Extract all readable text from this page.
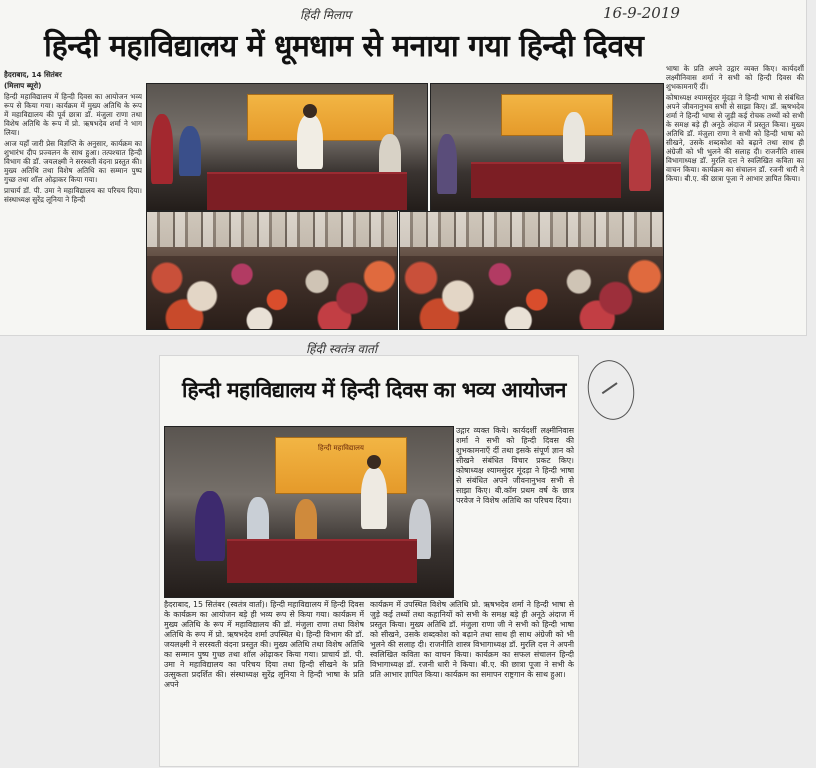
हिंदी मिलाप	16-9-2019
हिन्दी महाविद्यालय में धूमधाम से मनाया गया हिन्दी दिवस

हैदराबाद, 14 सितंबर

(मिलाप ब्यूरो)

हिन्दी महाविद्यालय में हिन्दी दिवस का आयोजन भव्य रूप से किया गया। कार्यक्रम में मुख्य अतिथि के रूप में महाविद्यालय की पूर्व छात्रा डॉ. मंजुला राणा तथा विशेष अतिथि के रूप में प्रो. ऋषभदेव शर्मा ने भाग लिया।

आज यहाँ जारी प्रेस विज्ञप्ति के अनुसार, कार्यक्रम का शुभारंभ दीप प्रज्वलन के साथ हुआ। तत्पश्चात हिन्दी विभाग की डॉ. जयलक्ष्मी ने सरस्वती वंदना प्रस्तुत की। मुख्य अतिथि तथा विशेष अतिथि का सम्मान पुष्प गुच्छ तथा शॉल ओढ़ाकर किया गया।

प्राचार्य डॉ. पी. उमा ने महाविद्यालय का परिचय दिया। संस्थाध्यक्ष सुरेंद्र लूनिया ने हिन्दी

भाषा के प्रति अपने उद्गार व्यक्त किए। कार्यदर्शी लक्ष्मीनिवास शर्मा ने सभी को हिन्दी दिवस की शुभकामनाएँ दीं।

कोषाध्यक्ष श्यामसुंदर मूंदड़ा ने हिन्दी भाषा से संबंधित अपने जीवनानुभव सभी से साझा किए। डॉ. ऋषभदेव शर्मा ने हिन्दी भाषा से जुड़ी कई रोचक तथ्यों को सभी के समक्ष बड़े ही अनूठे अंदाज में प्रस्तुत किया। मुख्य अतिथि डॉ. मंजुला राणा ने सभी को हिन्दी भाषा को सीखने, उसके शब्दकोश को बढ़ाने तथा साथ ही अंग्रेजी को भी भुलने की सलाह दी। राजनीति शास्त्र विभागाध्यक्ष डॉ. मुरलि दत्त ने स्वलिखित कविता का वाचन किया। कार्यक्रम का संचालन डॉ. रजनी धारी ने किया। बी.ए. की छात्रा पूजा ने आभार ज्ञापित किया।

हिंदी स्वतंत्र वार्ता
हिन्दी महाविद्यालय में हिन्दी दिवस का भव्य आयोजन
हिन्दी महाविद्यालय

उद्गार व्यक्त किये। कार्यदर्शी लक्ष्मीनिवास शर्मा ने सभी को हिन्दी दिवस की शुभकामनाएँ दीं तथा इसके संपूर्ण ज्ञान को सीखने संबंधित विचार प्रकट किए। कोषाध्यक्ष श्यामसुंदर मूंदड़ा ने हिन्दी भाषा से संबंधित अपने जीवनानुभव सभी से साझा किए। बी.कॉम प्रथम वर्ष के छात्र परवेज ने विशेष अतिथि का परिचय दिया।

हैदराबाद, 15 सितंबर (स्वतंत्र वार्ता)। हिन्दी महाविद्यालय में हिन्दी दिवस के कार्यक्रम का आयोजन बड़े ही भव्य रूप से किया गया। कार्यक्रम में मुख्य अतिथि के रूप में महाविद्यालय की डॉ. मंजुला राणा तथा विशेष अतिथि के रूप में प्रो. ऋषभदेव शर्मा उपस्थित थे। हिन्दी विभाग की डॉ. जयलक्ष्मी ने सरस्वती वंदना प्रस्तुत की। मुख्य अतिथि तथा विशेष अतिथि का सम्मान पुष्प गुच्छ तथा शॉल ओढ़ाकर किया गया। प्राचार्य डॉ. पी. उमा ने महाविद्यालय का परिचय दिया तथा हिन्दी सीखने के प्रति उत्सुकता प्रदर्शित की। संस्थाध्यक्ष सुरेंद्र लूनिया ने हिन्दी भाषा के प्रति अपने

कार्यक्रम में उपस्थित विशेष अतिथि प्रो. ऋषभदेव शर्मा ने हिन्दी भाषा से जुड़े कई तथ्यों तथा कहानियों को सभी के समक्ष बड़े ही अनूठे अंदाज में प्रस्तुत किया। मुख्य अतिथि डॉ. मंजुला राणा जी ने सभी को हिन्दी भाषा को सीखने, उसके शब्दकोश को बढ़ाने तथा साथ ही साथ अंग्रेजी को भी भुलने की सलाह दी। राजनीति शास्त्र विभागाध्यक्ष डॉ. मुरलि दत्त ने अपनी स्वलिखित कविता का वाचन किया। कार्यक्रम का सफल संचालन हिन्दी विभागाध्यक्ष डॉ. रजनी धारी ने किया। बी.ए. की छात्रा पूजा ने सभी के प्रति आभार ज्ञापित किया। कार्यक्रम का समापन राष्ट्रगान के साथ हुआ।
